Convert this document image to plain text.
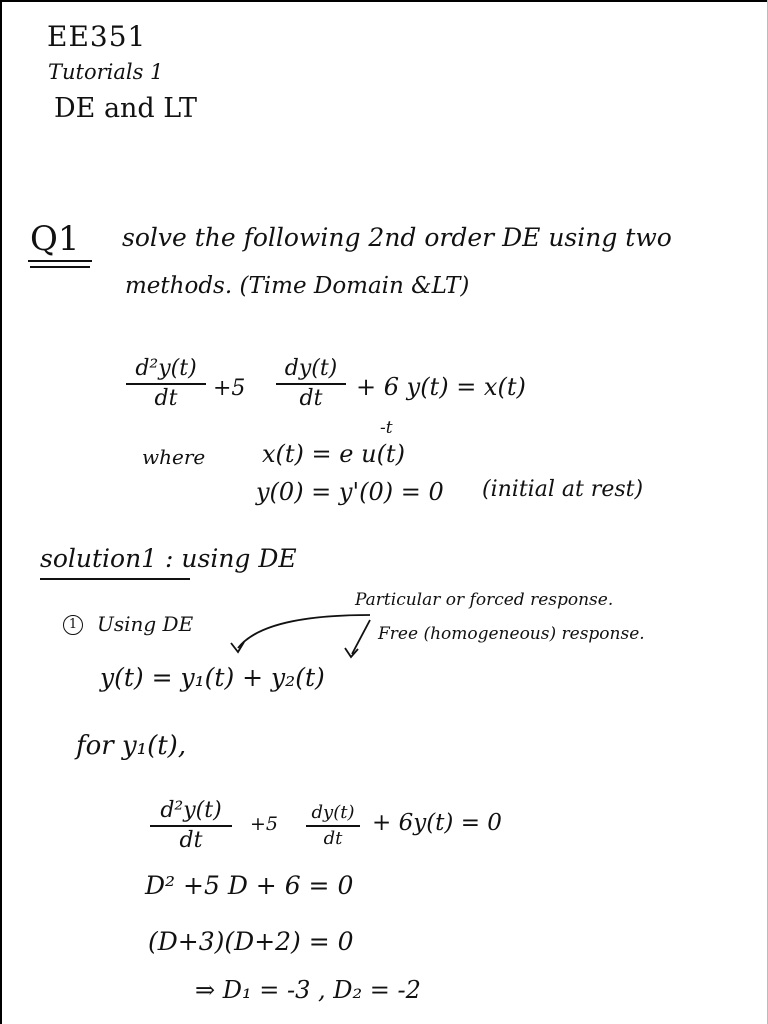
EE351
Tutorials 1
DE and LT
Q1 solve the following 2nd order DE using two
methods. (Time Domain &LT)
d²y(t)
dt	+5
dy(t)
dt	+ 6 y(t) = x(t)
where
-t
x(t) = e u(t)
y(0) = y'(0) = 0 (initial at rest)
solution1 : using DE
1 Using DE
Particular or forced response.
Free (homogeneous) response.
y(t) = y₁(t) + y₂(t)
for y₁(t),
d²y(t)
dt
+5
dy(t)
dt
+ 6y(t) = 0
D² +5 D + 6 = 0
(D+3)(D+2) = 0
⇒ D₁ = -3 , D₂ = -2
